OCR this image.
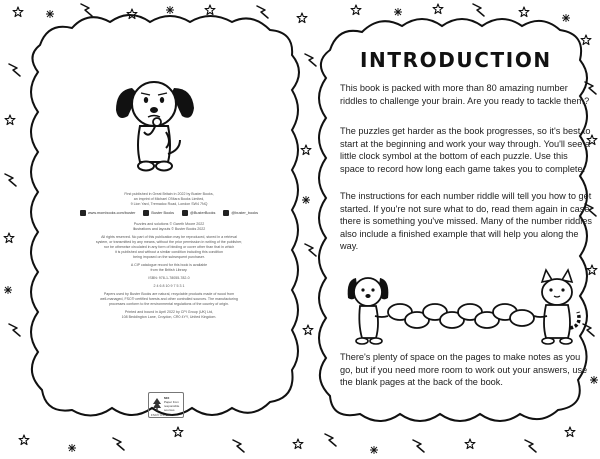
First published in Great Britain in 2022 by Buster Books,
an imprint of Michael O'Mara Books Limited,
9 Lion Yard, Tremadoc Road, London SW4 7NQ
www.mombooks.com/buster	Buster Books	@BusterBooks	@buster_books
Puzzles and solutions © Gareth Moore 2022
Illustrations and layouts © Buster Books 2022
All rights reserved. No part of this publication may be reproduced, stored in a retrieval
system, or transmitted by any means, without the prior permission in writing of the publisher,
nor be otherwise circulated in any form of binding or cover other than that in which
it is published and without a similar condition including this condition
being imposed on the subsequent purchaser.
A CIP catalogue record for this book is available
from the British Library.
ISBN: 978-1-78055-782-0
2 4 6 8 10 9 7 5 3 1
Papers used by Buster Books are natural, recyclable products made of wood from
well-managed, FSC® certified forests and other controlled sources. The manufacturing
processes conform to the environmental regulations of the country of origin.
Printed and bound in April 2022 by CPI Group (UK) Ltd,
108 Beddington Lane, Croydon, CR0 4YY, United Kingdom.
MIX
Paper from
responsible sources
FSC® C171272
INTRODUCTION

This book is packed with more than 80 amazing number riddles to challenge your brain. Are you ready to tackle them?

The puzzles get harder as the book progresses, so it's best to start at the beginning and work your way through. You'll see a little clock symbol at the bottom of each puzzle. Use this space to record how long each game takes you to complete.

The instructions for each number riddle will tell you how to get started. If you're not sure what to do, read them again in case there is something you've missed. Many of the number riddles also include a finished example that will help you along the way.

There's plenty of space on the pages to make notes as you go, but if you need more room to work out your answers, use the blank pages at the back of the book.
